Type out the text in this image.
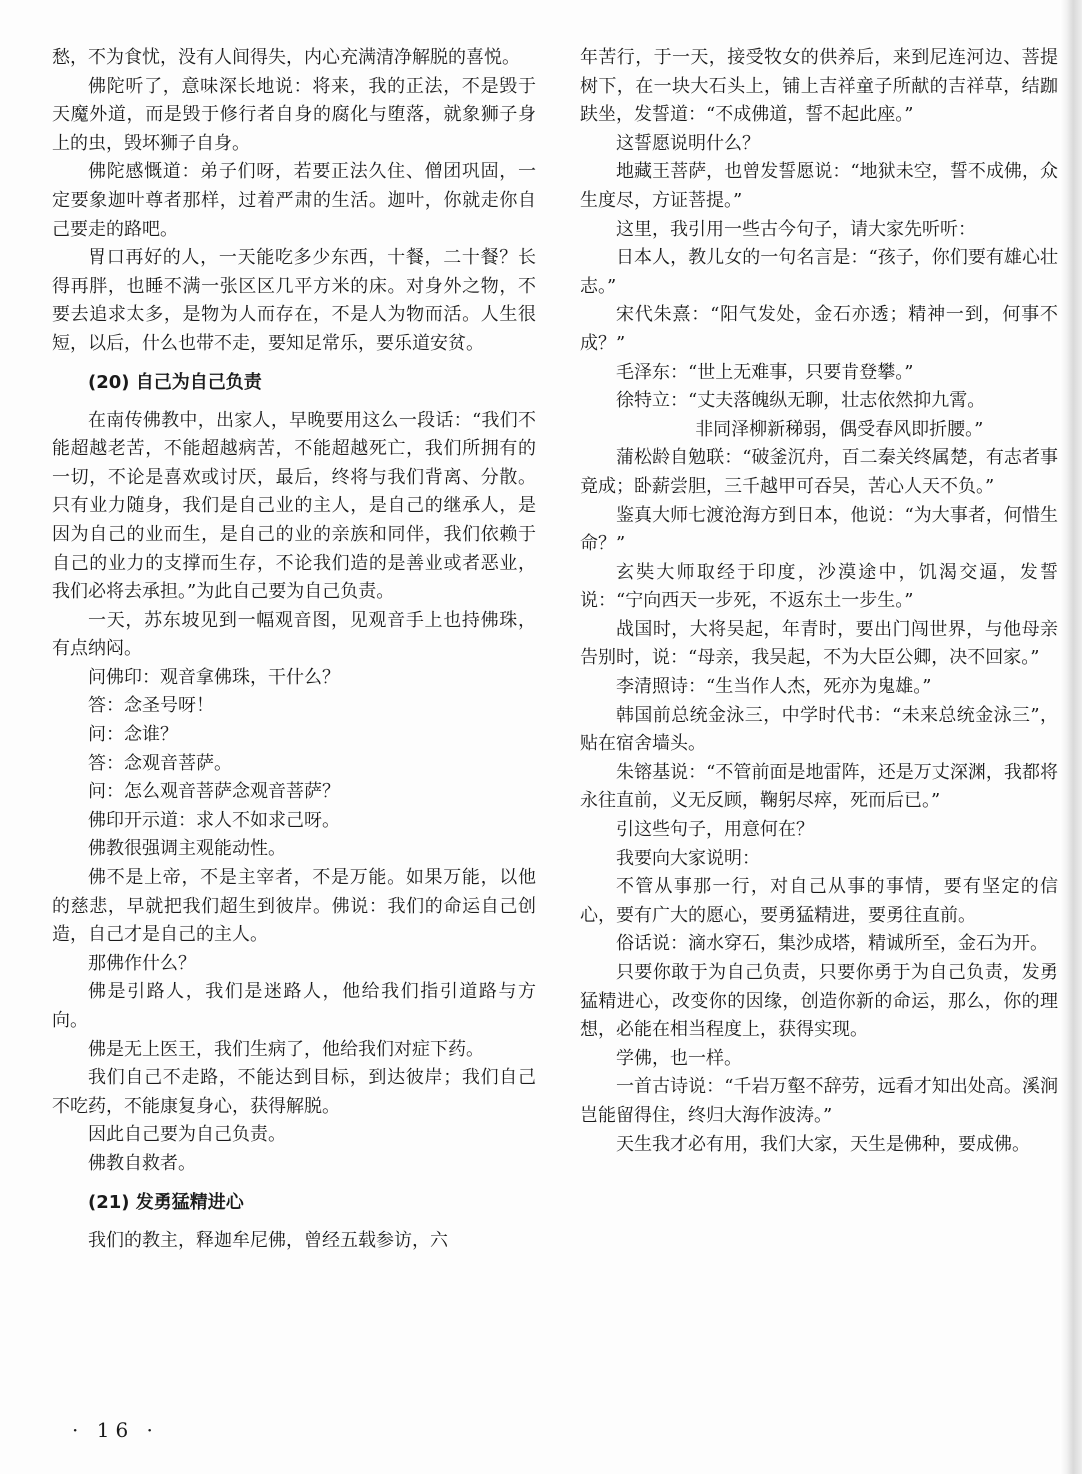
愁，不为食忧，没有人间得失，内心充满清净解脱的喜悦。

佛陀听了，意味深长地说：将来，我的正法，不是毁于天魔外道，而是毁于修行者自身的腐化与堕落，就象狮子身上的虫，毁坏狮子自身。

佛陀感慨道：弟子们呀，若要正法久住、僧团巩固，一定要象迦叶尊者那样，过着严肃的生活。迦叶，你就走你自己要走的路吧。

胃口再好的人，一天能吃多少东西，十餐，二十餐？长得再胖，也睡不满一张区区几平方米的床。对身外之物，不要去追求太多，是物为人而存在，不是人为物而活。人生很短，以后，什么也带不走，要知足常乐，要乐道安贫。

(20) 自己为自己负责

在南传佛教中，出家人，早晚要用这么一段话：“我们不能超越老苦，不能超越病苦，不能超越死亡，我们所拥有的一切，不论是喜欢或讨厌，最后，终将与我们背离、分散。只有业力随身，我们是自己业的主人，是自己的继承人，是因为自己的业而生，是自己的业的亲族和同伴，我们依赖于自己的业力的支撑而生存，不论我们造的是善业或者恶业，我们必将去承担。”为此自己要为自己负责。

一天，苏东坡见到一幅观音图，见观音手上也持佛珠，有点纳闷。

问佛印：观音拿佛珠，干什么？

答：念圣号呀！

问：念谁？

答：念观音菩萨。

问：怎么观音菩萨念观音菩萨？

佛印开示道：求人不如求己呀。

佛教很强调主观能动性。

佛不是上帝，不是主宰者，不是万能。如果万能，以他的慈悲，早就把我们超生到彼岸。佛说：我们的命运自己创造，自己才是自己的主人。

那佛作什么？

佛是引路人，我们是迷路人，他给我们指引道路与方向。

佛是无上医王，我们生病了，他给我们对症下药。

我们自己不走路，不能达到目标，到达彼岸；我们自己不吃药，不能康复身心，获得解脱。

因此自己要为自己负责。

佛教自救者。

(21) 发勇猛精进心

我们的教主，释迦牟尼佛，曾经五载参访，六

年苦行，于一天，接受牧女的供养后，来到尼连河边、菩提树下，在一块大石头上，铺上吉祥童子所献的吉祥草，结跏趺坐，发誓道：“不成佛道，誓不起此座。”

这誓愿说明什么？

地藏王菩萨，也曾发誓愿说：“地狱未空，誓不成佛，众生度尽，方证菩提。”

这里，我引用一些古今句子，请大家先听听：

日本人，教儿女的一句名言是：“孩子，你们要有雄心壮志。”

宋代朱熹：“阳气发处，金石亦透；精神一到，何事不成？”

毛泽东：“世上无难事，只要肯登攀。”

徐特立：“丈夫落魄纵无聊，壮志依然抑九霄。

非同泽柳新稊弱，偶受春风即折腰。”

蒲松龄自勉联：“破釜沉舟，百二秦关终属楚，有志者事竟成；卧薪尝胆，三千越甲可吞吴，苦心人天不负。”

鉴真大师七渡沧海方到日本，他说：“为大事者，何惜生命？”

玄奘大师取经于印度，沙漠途中，饥渴交逼，发誓说：“宁向西天一步死，不返东土一步生。”

战国时，大将吴起，年青时，要出门闯世界，与他母亲告别时，说：“母亲，我吴起，不为大臣公卿，决不回家。”

李清照诗：“生当作人杰，死亦为鬼雄。”

韩国前总统金泳三，中学时代书：“未来总统金泳三”，贴在宿舍墙头。

朱镕基说：“不管前面是地雷阵，还是万丈深渊，我都将永往直前，义无反顾，鞠躬尽瘁，死而后已。”

引这些句子，用意何在？

我要向大家说明：

不管从事那一行，对自己从事的事情，要有坚定的信心，要有广大的愿心，要勇猛精进，要勇往直前。

俗话说：滴水穿石，集沙成塔，精诚所至，金石为开。

只要你敢于为自己负责，只要你勇于为自己负责，发勇猛精进心，改变你的因缘，创造你新的命运，那么，你的理想，必能在相当程度上，获得实现。

学佛，也一样。

一首古诗说：“千岩万壑不辞劳，远看才知出处高。溪涧岂能留得住，终归大海作波涛。”

天生我才必有用，我们大家，天生是佛种，要成佛。

· 16 ·
